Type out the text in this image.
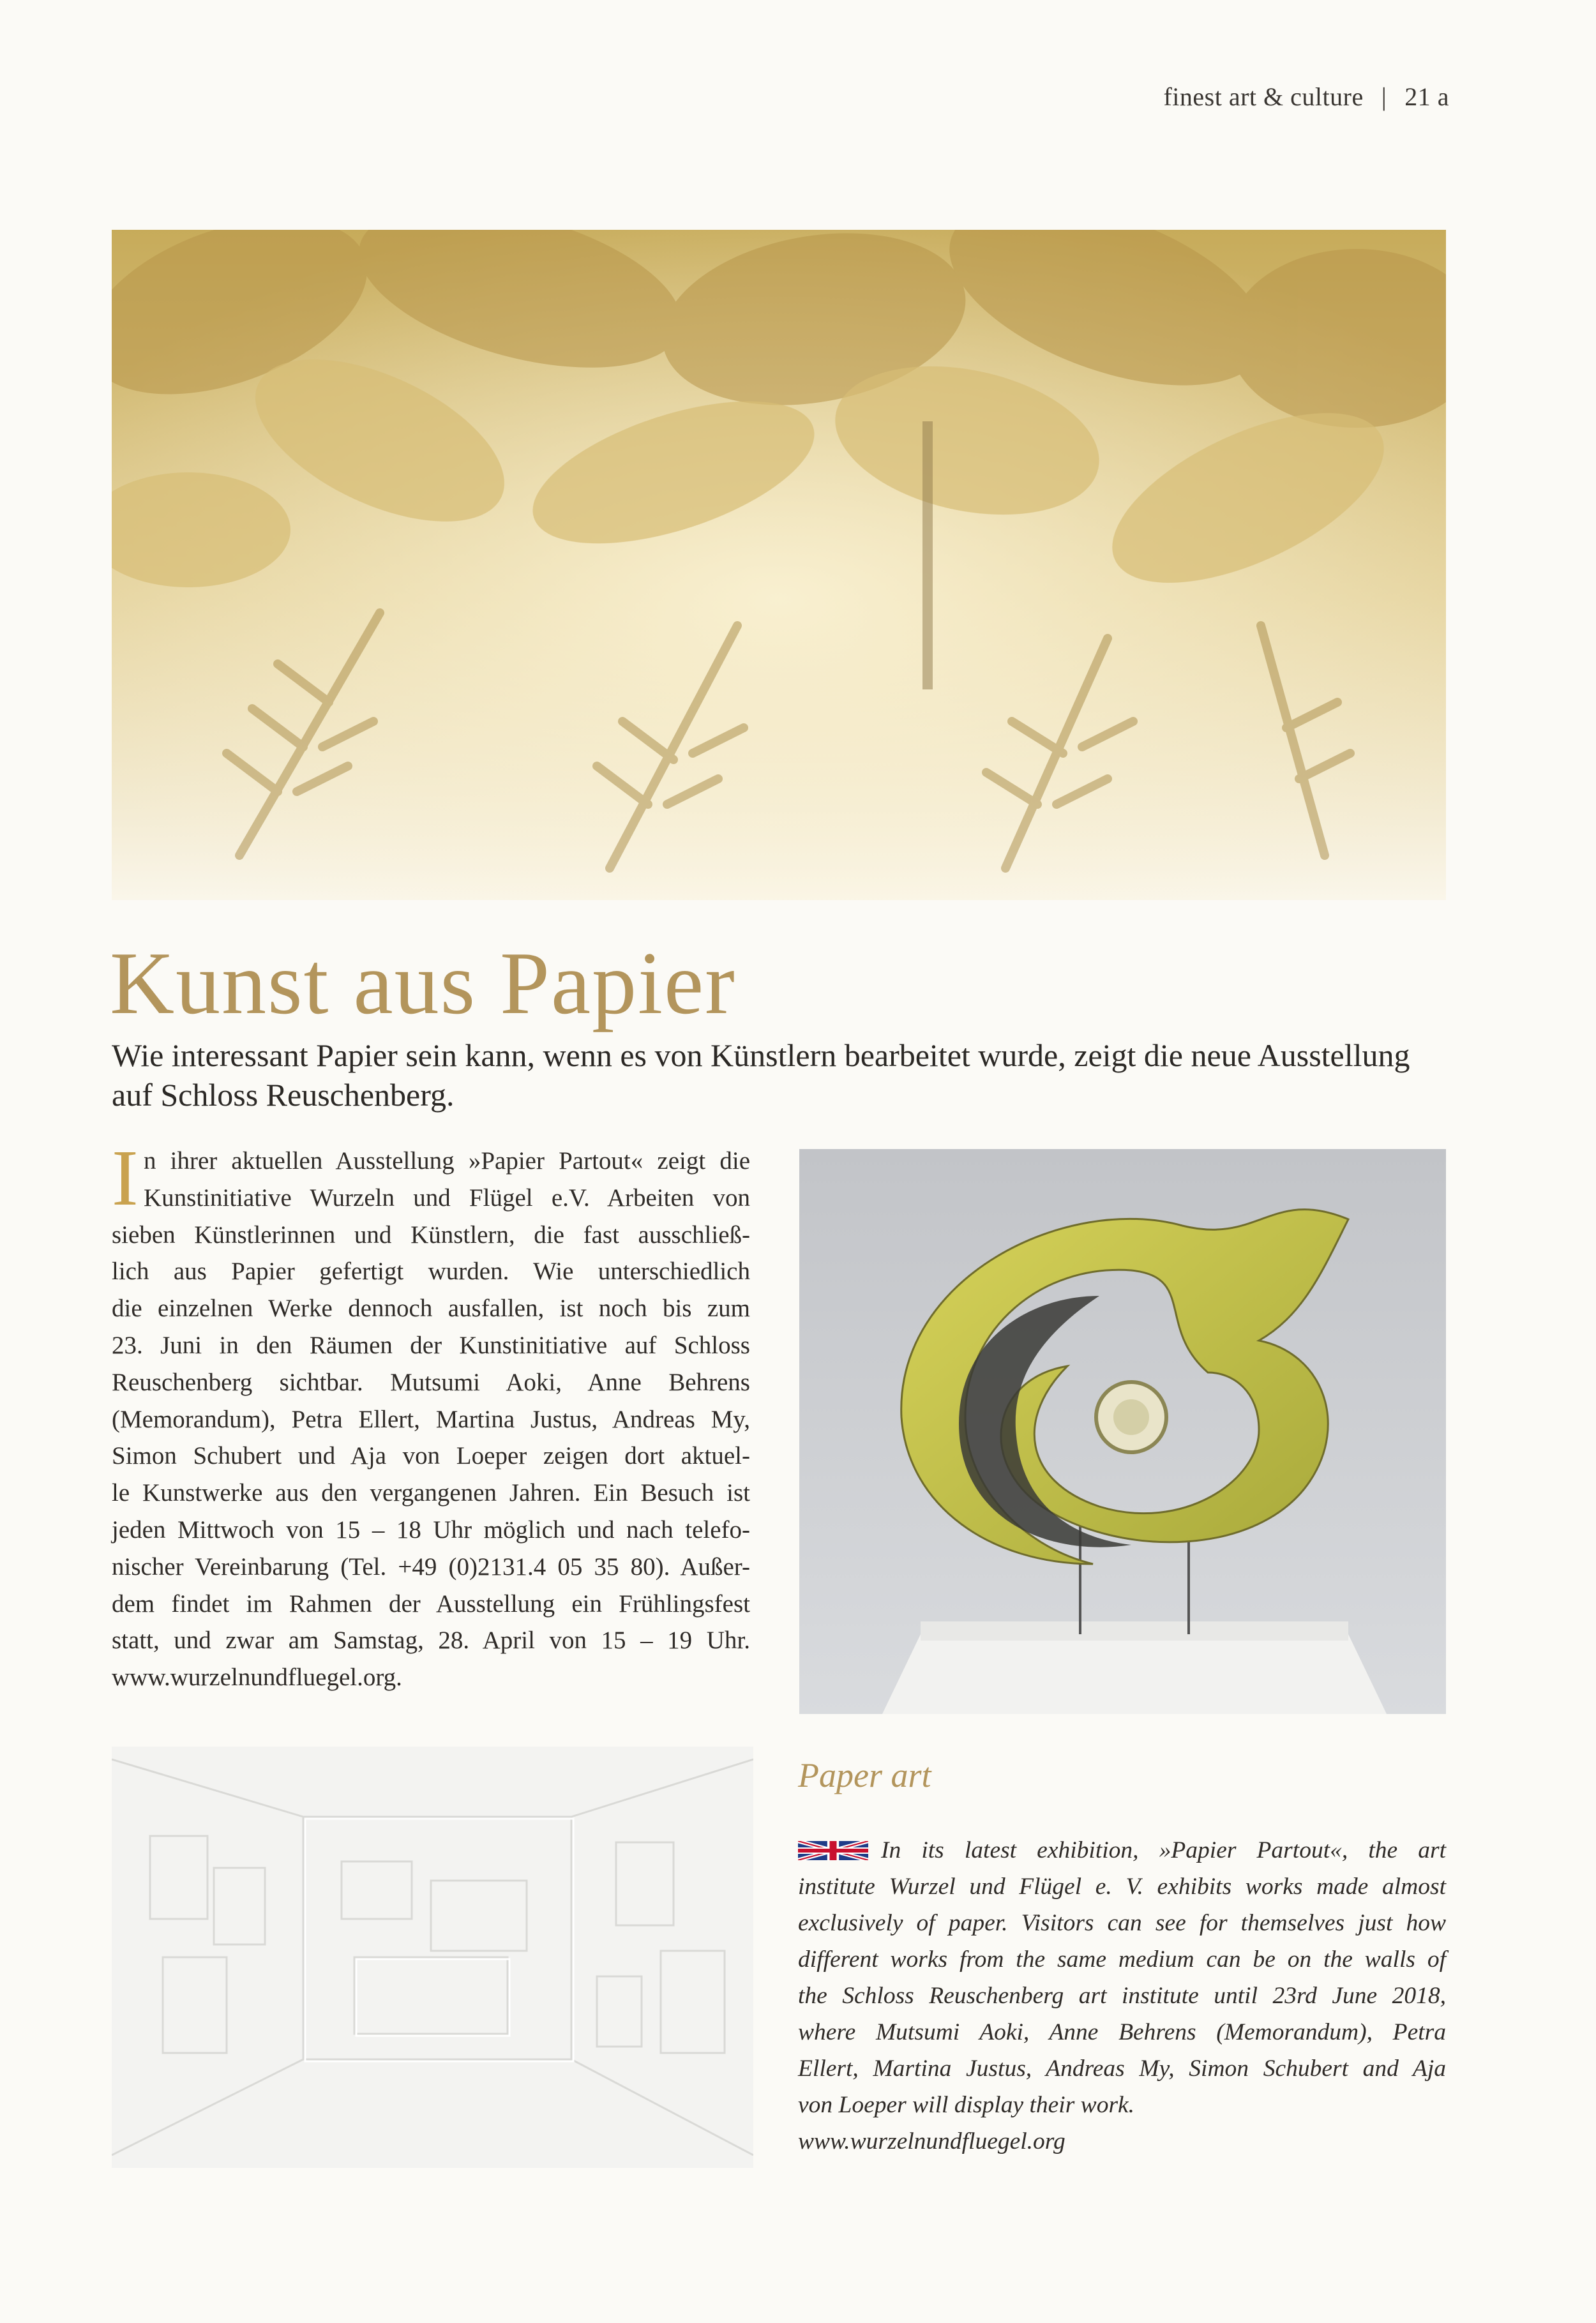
finest art & culture | 21 a
Kunst aus Papier
Wie interessant Papier sein kann, wenn es von Künstlern bearbeitet wurde, zeigt die neue Ausstellung auf Schloss Reuschenberg.
I n ihrer aktuellen Ausstellung »Papier Partout« zeigt die
Kunstinitiative Wurzeln und Flügel e.V. Arbeiten von
sieben Künstlerinnen und Künstlern, die fast ausschließ-
lich aus Papier gefertigt wurden. Wie unterschiedlich
die einzelnen Werke dennoch ausfallen, ist noch bis zum
23. Juni in den Räumen der Kunstinitiative auf Schloss
Reuschenberg sichtbar. Mutsumi Aoki, Anne Behrens
(Memorandum), Petra Ellert, Martina Justus, Andreas My,
Simon Schubert und Aja von Loeper zeigen dort aktuel-
le Kunstwerke aus den vergangenen Jahren. Ein Besuch ist
jeden Mittwoch von 15 – 18 Uhr möglich und nach telefo-
nischer Vereinbarung (Tel. +49 (0)2131.4 05 35 80). Außer-
dem findet im Rahmen der Ausstellung ein Frühlingsfest
statt, und zwar am Samstag, 28. April von 15 – 19 Uhr.
www.wurzelnundfluegel.org.
Paper art
In its latest exhibition, »Papier Partout«, the art
institute Wurzel und Flügel e. V. exhibits works made almost
exclusively of paper. Visitors can see for themselves just how
different works from the same medium can be on the walls of
the Schloss Reuschenberg art institute until 23rd June 2018,
where Mutsumi Aoki, Anne Behrens (Memorandum), Petra
Ellert, Martina Justus, Andreas My, Simon Schubert and Aja
von Loeper will display their work.
www.wurzelnundfluegel.org
